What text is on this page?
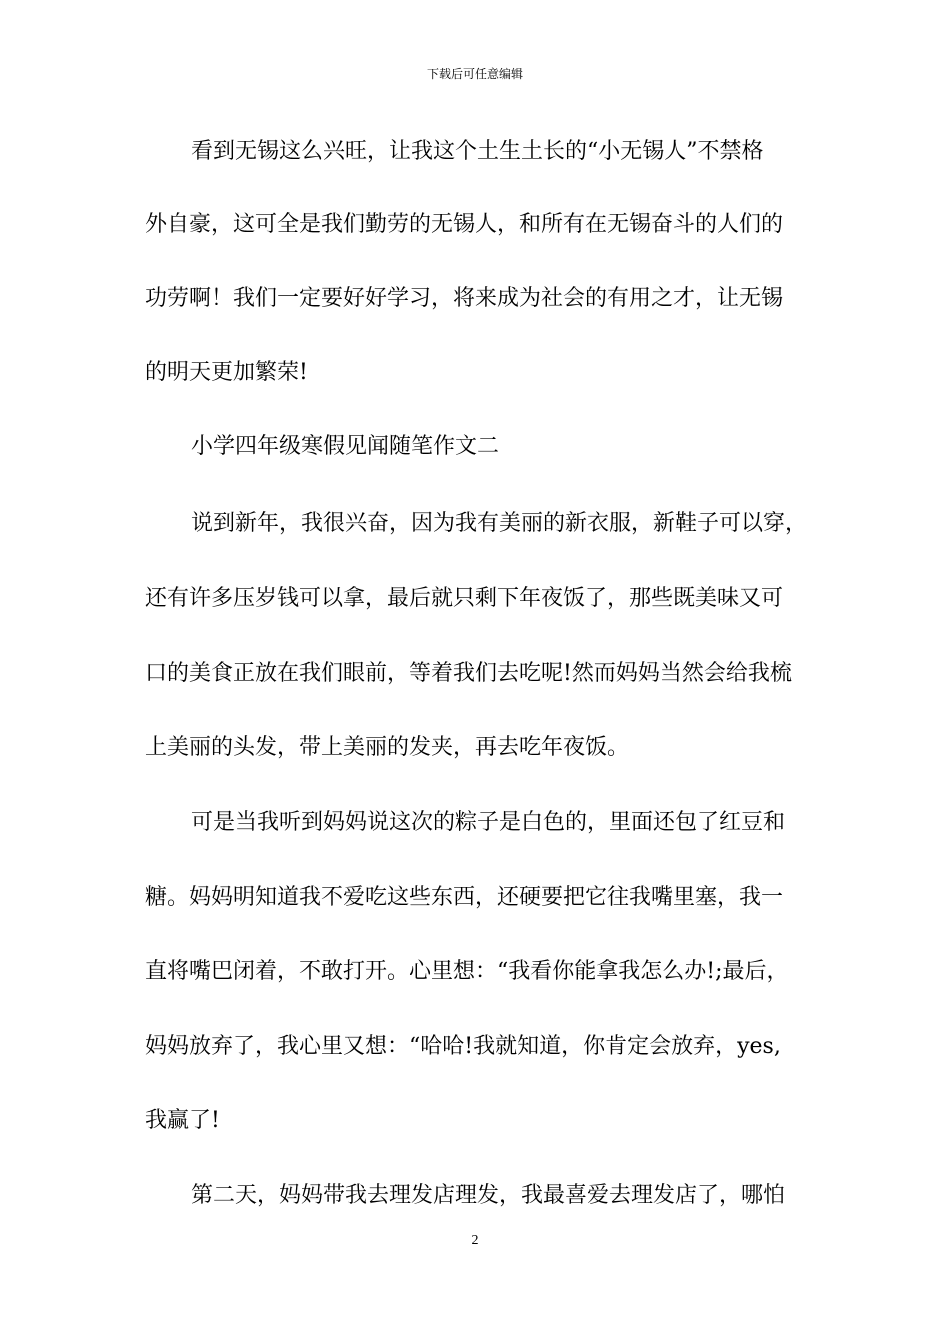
下载后可任意编辑
看到无锡这么兴旺，让我这个土生土长的“小无锡人”不禁格
外自豪，这可全是我们勤劳的无锡人，和所有在无锡奋斗的人们的
功劳啊！我们一定要好好学习，将来成为社会的有用之才，让无锡
的明天更加繁荣!
小学四年级寒假见闻随笔作文二
说到新年，我很兴奋，因为我有美丽的新衣服，新鞋子可以穿，
还有许多压岁钱可以拿，最后就只剩下年夜饭了，那些既美味又可
口的美食正放在我们眼前，等着我们去吃呢!然而妈妈当然会给我梳
上美丽的头发，带上美丽的发夹，再去吃年夜饭。
可是当我听到妈妈说这次的粽子是白色的，里面还包了红豆和
糖。妈妈明知道我不爱吃这些东西，还硬要把它往我嘴里塞，我一
直将嘴巴闭着，不敢打开。心里想：“我看你能拿我怎么办!;最后，
妈妈放弃了，我心里又想：“哈哈!我就知道，你肯定会放弃，yes,
我赢了!
第二天，妈妈带我去理发店理发，我最喜爱去理发店了，哪怕
2
